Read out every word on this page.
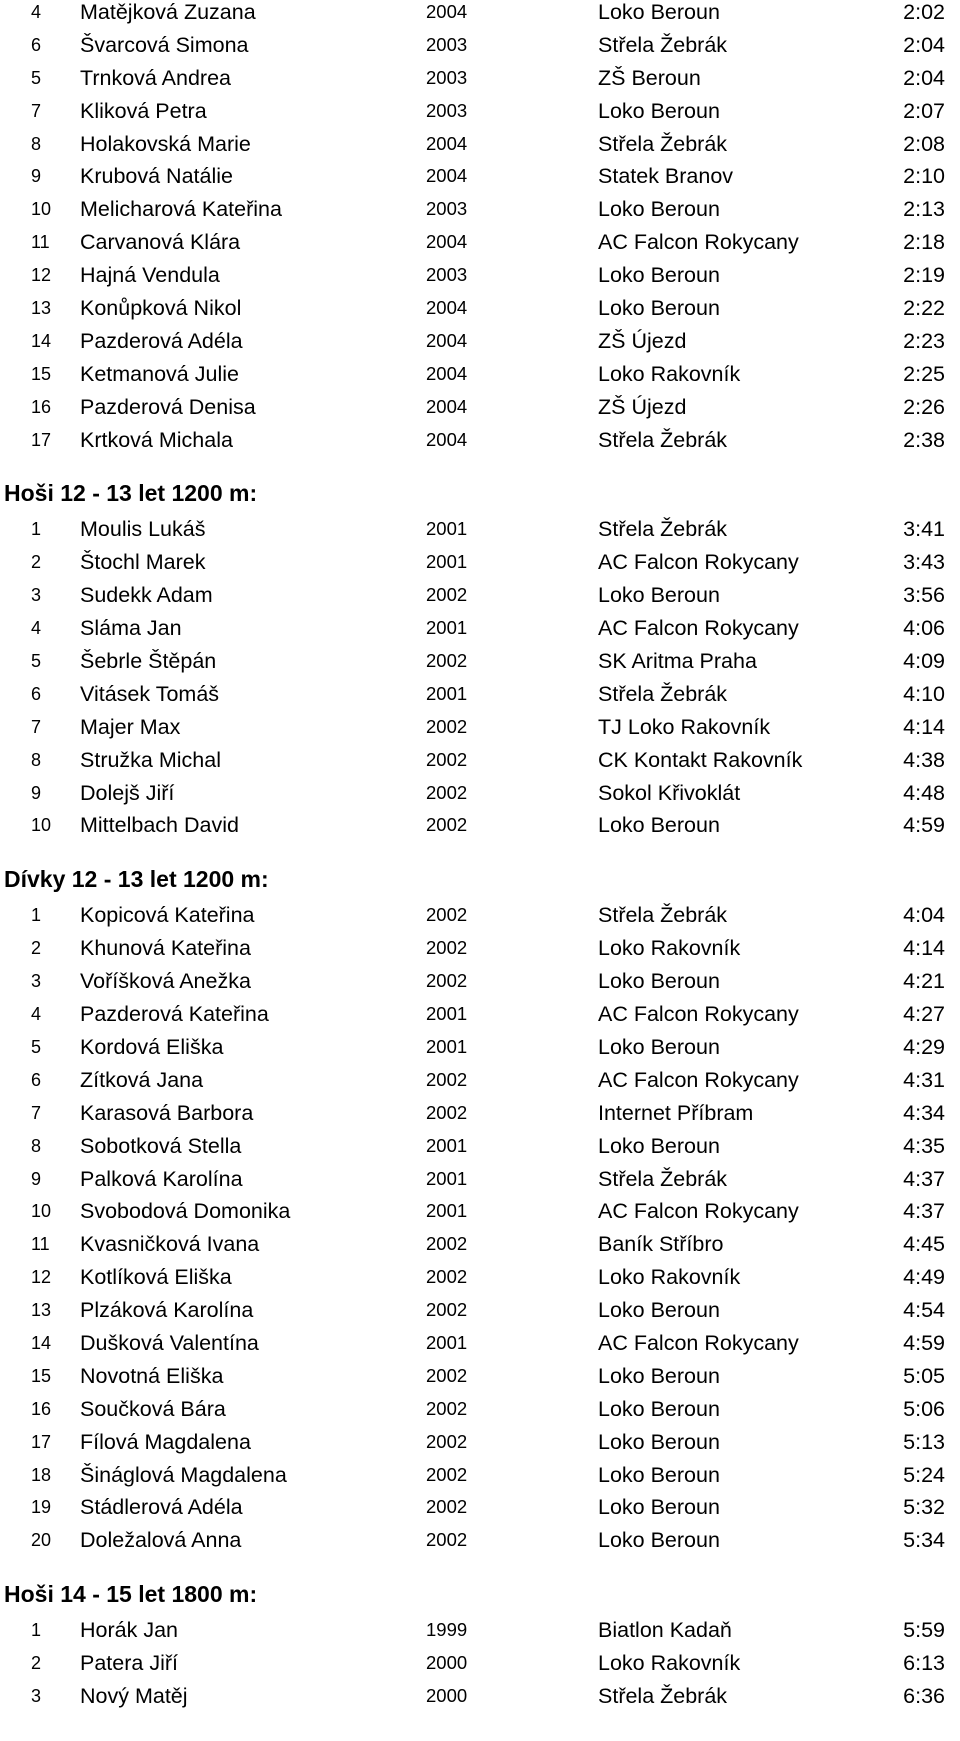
4 Matějková Zuzana	2004	Loko Beroun	2:02
6 Švarcová Simona	2003	Střela Žebrák	2:04
5 Trnková Andrea	2003	ZŠ Beroun	2:04
7 Kliková Petra	2003	Loko Beroun	2:07
8 Holakovská Marie	2004	Střela Žebrák	2:08
9 Krubová Natálie	2004	Statek Branov	2:10
10 Melicharová Kateřina	2003	Loko Beroun	2:13
11 Carvanová Klára	2004	AC Falcon Rokycany	2:18
12 Hajná Vendula	2003	Loko Beroun	2:19
13 Konůpková Nikol	2004	Loko Beroun	2:22
14 Pazderová Adéla	2004	ZŠ Újezd	2:23
15 Ketmanová Julie	2004	Loko Rakovník	2:25
16 Pazderová Denisa	2004	ZŠ Újezd	2:26
17 Krtková Michala	2004	Střela Žebrák	2:38
Hoši 12 - 13 let 1200 m:
1 Moulis Lukáš	2001	Střela Žebrák	3:41
2 Štochl Marek	2001	AC Falcon Rokycany	3:43
3 Sudekk Adam	2002	Loko Beroun	3:56
4 Sláma Jan	2001	AC Falcon Rokycany	4:06
5 Šebrle Štěpán	2002	SK Aritma Praha	4:09
6 Vitásek Tomáš	2001	Střela Žebrák	4:10
7 Majer Max	2002	TJ Loko Rakovník	4:14
8 Stružka Michal	2002	CK Kontakt Rakovník	4:38
9 Dolejš Jiří	2002	Sokol Křivoklát	4:48
10 Mittelbach David	2002	Loko Beroun	4:59
Dívky 12 - 13 let 1200 m:
1 Kopicová Kateřina	2002	Střela Žebrák	4:04
2 Khunová Kateřina	2002	Loko Rakovník	4:14
3 Voříšková Anežka	2002	Loko Beroun	4:21
4 Pazderová Kateřina	2001	AC Falcon Rokycany	4:27
5 Kordová Eliška	2001	Loko Beroun	4:29
6 Zítková Jana	2002	AC Falcon Rokycany	4:31
7 Karasová Barbora	2002	Internet Příbram	4:34
8 Sobotková Stella	2001	Loko Beroun	4:35
9 Palková Karolína	2001	Střela Žebrák	4:37
10 Svobodová Domonika	2001	AC Falcon Rokycany	4:37
11 Kvasničková Ivana	2002	Baník Stříbro	4:45
12 Kotlíková Eliška	2002	Loko Rakovník	4:49
13 Plzáková Karolína	2002	Loko Beroun	4:54
14 Dušková Valentína	2001	AC Falcon Rokycany	4:59
15 Novotná Eliška	2002	Loko Beroun	5:05
16 Součková Bára	2002	Loko Beroun	5:06
17 Fílová Magdalena	2002	Loko Beroun	5:13
18 Šináglová Magdalena	2002	Loko Beroun	5:24
19 Stádlerová Adéla	2002	Loko Beroun	5:32
20 Doležalová Anna	2002	Loko Beroun	5:34
Hoši 14 - 15 let 1800 m:
1 Horák Jan	1999	Biatlon Kadaň	5:59
2 Patera Jiří	2000	Loko Rakovník	6:13
3 Nový Matěj	2000	Střela Žebrák	6:36
